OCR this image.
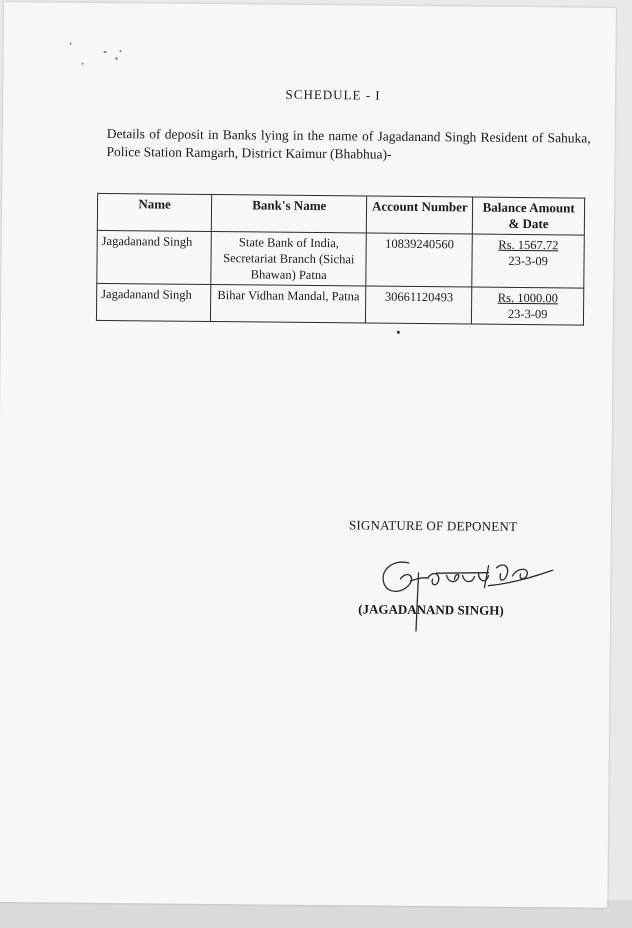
SCHEDULE - I
Details of deposit in Banks lying in the name of Jagadanand Singh Resident of Sahuka, Police Station Ramgarh, District Kaimur (Bhabhua)-
Name	Bank's Name	Account Number	Balance Amount & Date
Jagadanand Singh	State Bank of India, Secretariat Branch (Sichai Bhawan) Patna	10839240560	Rs. 1567.72
23-3-09

Jagadanand Singh	Bihar Vidhan Mandal, Patna	30661120493	Rs. 1000.00
23-3-09
SIGNATURE OF DEPONENT
(JAGADANAND SINGH)
